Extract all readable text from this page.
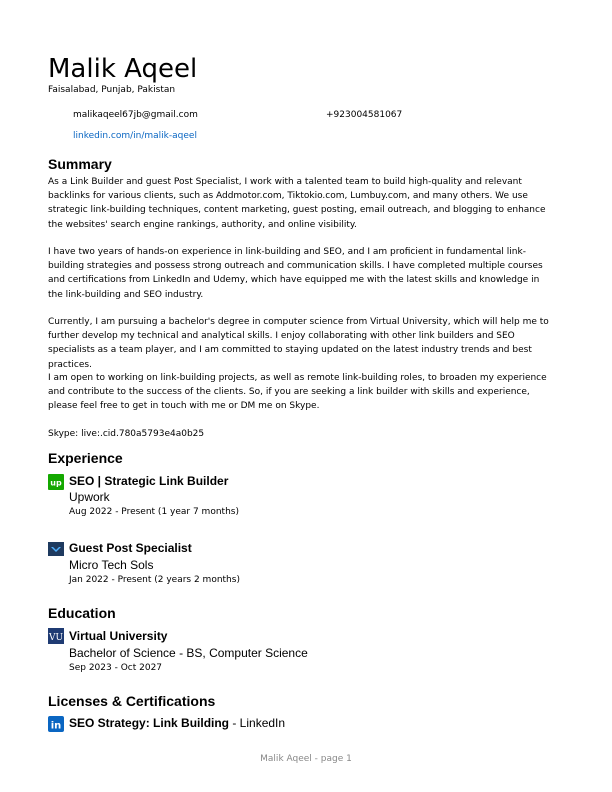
Malik Aqeel
Faisalabad, Punjab, Pakistan
malikaqeel67jb@gmail.com	+923004581067
linkedin.com/in/malik-aqeel
Summary

As a Link Builder and guest Post Specialist, I work with a talented team to build high-quality and relevant backlinks for various clients, such as Addmotor.com, Tiktokio.com, Lumbuy.com, and many others. We use strategic link-building techniques, content marketing, guest posting, email outreach, and blogging to enhance the websites' search engine rankings, authority, and online visibility.

I have two years of hands-on experience in link-building and SEO, and I am proficient in fundamental link-building strategies and possess strong outreach and communication skills. I have completed multiple courses and certifications from LinkedIn and Udemy, which have equipped me with the latest skills and knowledge in the link-building and SEO industry.

Currently, I am pursuing a bachelor's degree in computer science from Virtual University, which will help me to further develop my technical and analytical skills. I enjoy collaborating with other link builders and SEO specialists as a team player, and I am committed to staying updated on the latest industry trends and best practices.

I am open to working on link-building projects, as well as remote link-building roles, to broaden my experience and contribute to the success of the clients. So, if you are seeking a link builder with skills and experience, please feel free to get in touch with me or DM me on Skype.

Skype: live:.cid.780a5793e4a0b25

Experience
up SEO | Strategic Link Builder
Upwork
Aug 2022 - Present (1 year 7 months)
Guest Post Specialist
Micro Tech Sols
Jan 2022 - Present (2 years 2 months)
Education
VU Virtual University
Bachelor of Science - BS, Computer Science
Sep 2023 - Oct 2027
Licenses & Certifications
in SEO Strategy: Link Building - LinkedIn
Malik Aqeel - page 1
